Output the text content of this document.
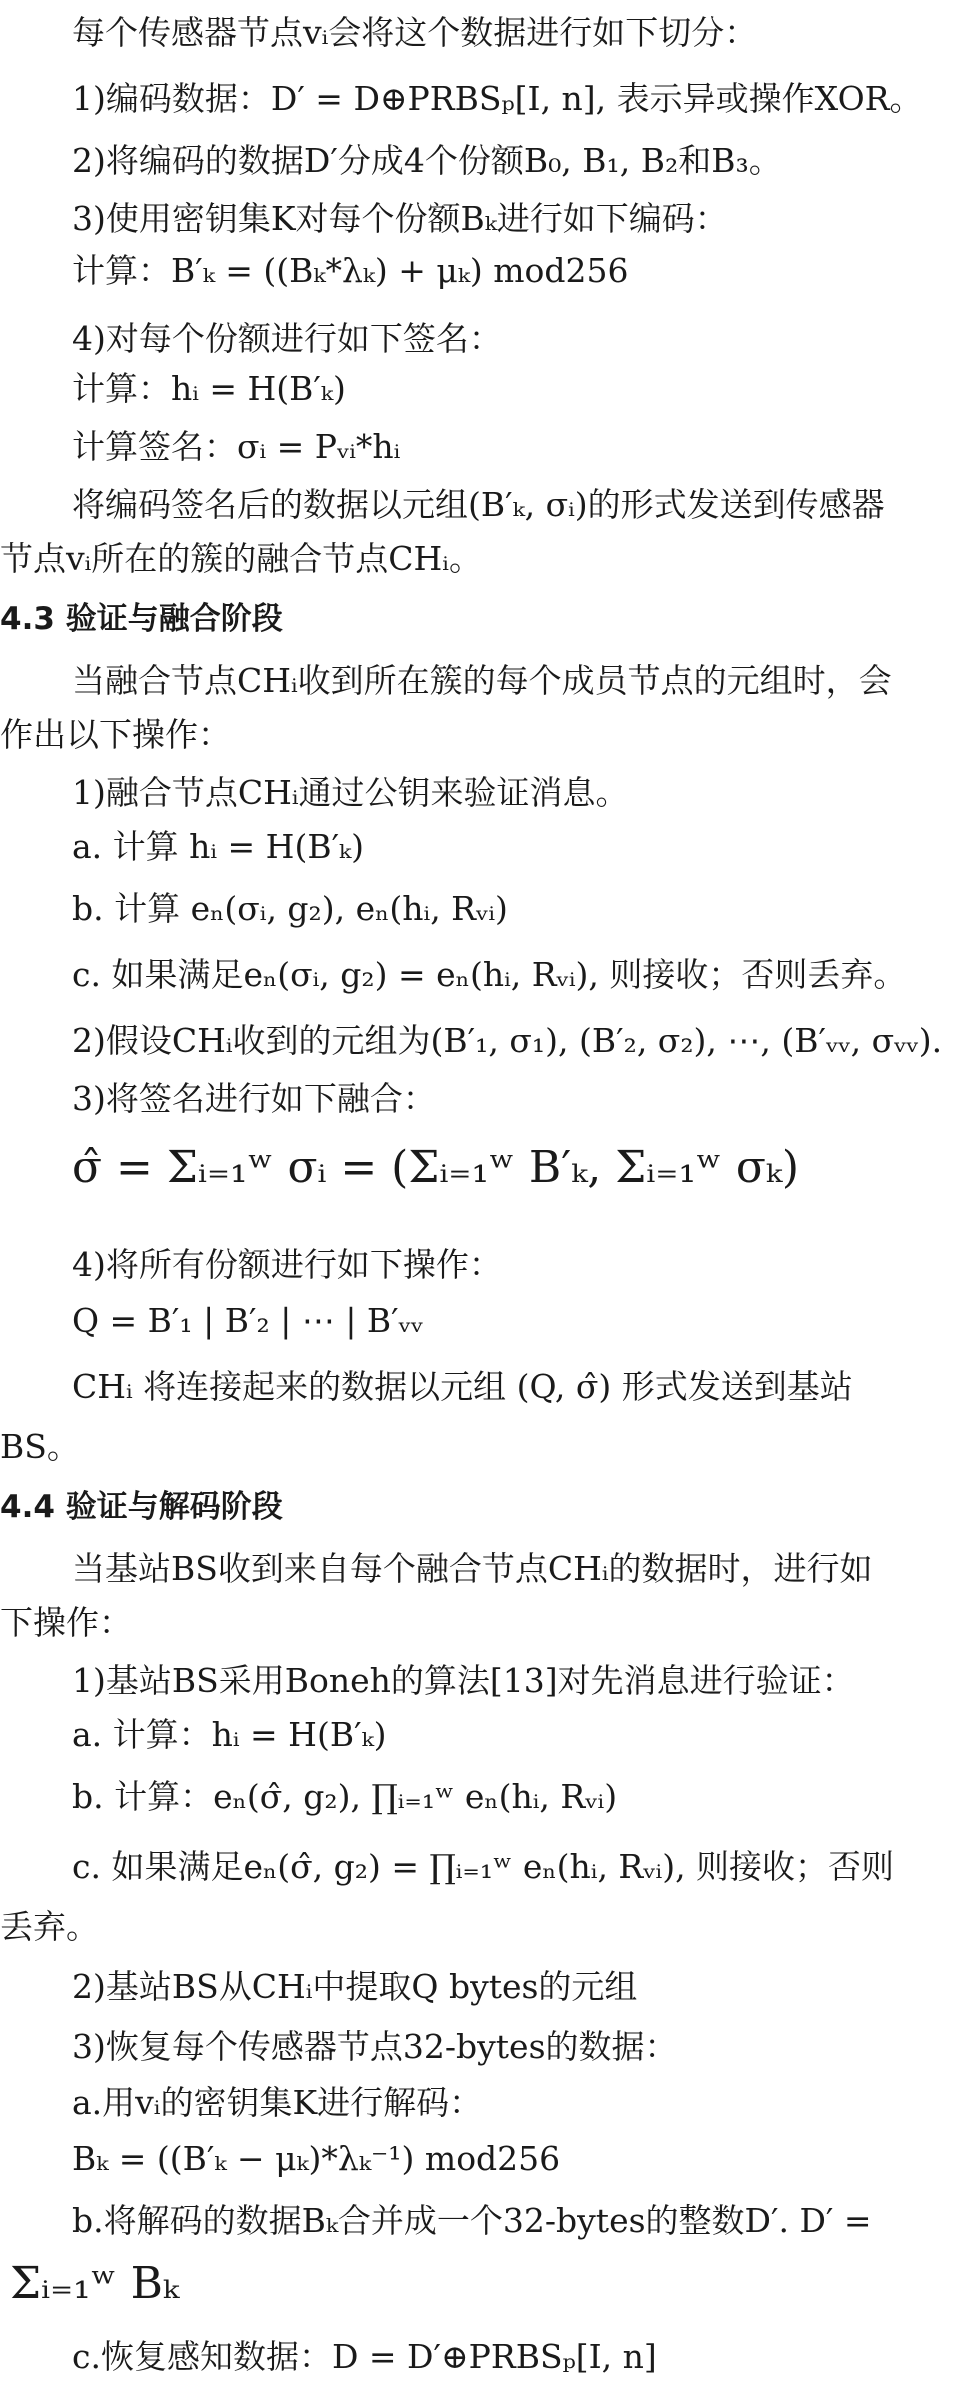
每个传感器节点vᵢ会将这个数据进行如下切分：
1)编码数据：D′ = D⊕PRBSₚ[I, n], 表示异或操作XOR。
2)将编码的数据D′分成4个份额B₀, B₁, B₂和B₃。
3)使用密钥集K对每个份额Bₖ进行如下编码：
计算：B′ₖ = ((Bₖ*λₖ) + μₖ) mod256
4)对每个份额进行如下签名：
计算：hᵢ = H(B′ₖ)
计算签名：σᵢ = Pᵥᵢ*hᵢ
将编码签名后的数据以元组(B′ₖ, σᵢ)的形式发送到传感器
节点vᵢ所在的簇的融合节点CHᵢ。
4.3 验证与融合阶段
当融合节点CHᵢ收到所在簇的每个成员节点的元组时，会
作出以下操作：
1)融合节点CHᵢ通过公钥来验证消息。
a. 计算 hᵢ = H(B′ₖ)
b. 计算 eₙ(σᵢ, g₂), eₙ(hᵢ, Rᵥᵢ)
c. 如果满足eₙ(σᵢ, g₂) = eₙ(hᵢ, Rᵥᵢ), 则接收；否则丢弃。
2)假设CHᵢ收到的元组为(B′₁, σ₁), (B′₂, σ₂), ⋯, (B′ᵥᵥ, σᵥᵥ).
3)将签名进行如下融合：
σ̂ = Σᵢ₌₁ʷ σᵢ = (Σᵢ₌₁ʷ B′ₖ, Σᵢ₌₁ʷ σₖ)
4)将所有份额进行如下操作：
Q = B′₁ | B′₂ | ⋯ | B′ᵥᵥ
CHᵢ 将连接起来的数据以元组 (Q, σ̂) 形式发送到基站
BS。
4.4 验证与解码阶段
当基站BS收到来自每个融合节点CHᵢ的数据时，进行如
下操作：
1)基站BS采用Boneh的算法[13]对先消息进行验证：
a. 计算：hᵢ = H(B′ₖ)
b. 计算：eₙ(σ̂, g₂), ∏ᵢ₌₁ʷ eₙ(hᵢ, Rᵥᵢ)
c. 如果满足eₙ(σ̂, g₂) = ∏ᵢ₌₁ʷ eₙ(hᵢ, Rᵥᵢ), 则接收；否则
丢弃。
2)基站BS从CHᵢ中提取Q bytes的元组
3)恢复每个传感器节点32-bytes的数据：
a.用vᵢ的密钥集K进行解码：
Bₖ = ((B′ₖ − μₖ)*λₖ⁻¹) mod256
b.将解码的数据Bₖ合并成一个32-bytes的整数D′. D′ =
Σᵢ₌₁ʷ Bₖ
c.恢复感知数据：D = D′⊕PRBSₚ[I, n]
